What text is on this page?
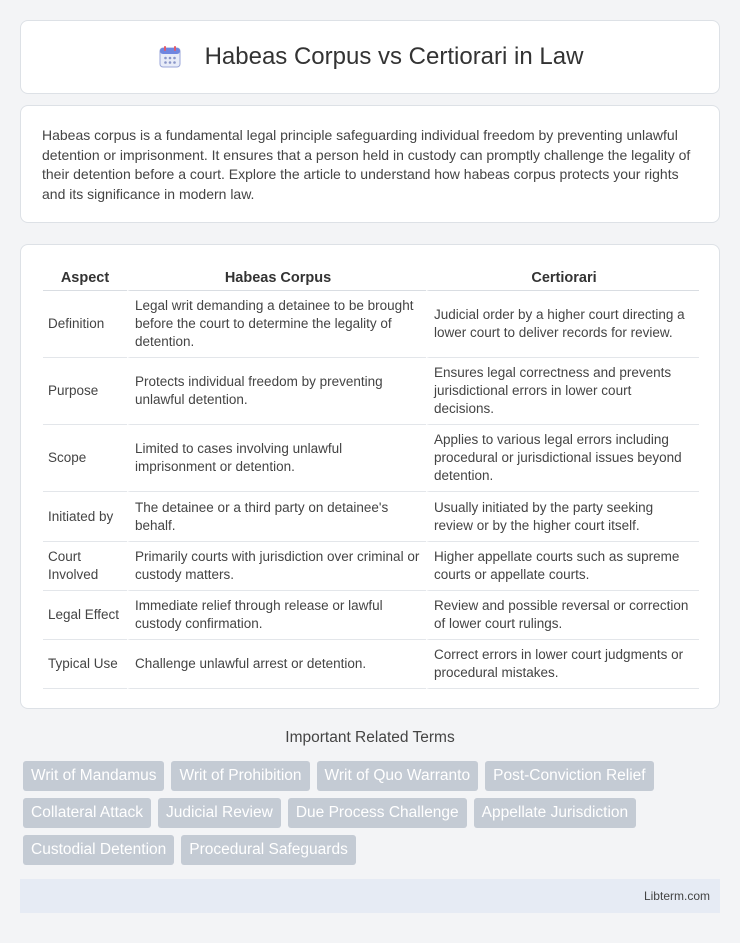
Habeas Corpus vs Certiorari in Law

Habeas corpus is a fundamental legal principle safeguarding individual freedom by preventing unlawful detention or imprisonment. It ensures that a person held in custody can promptly challenge the legality of their detention before a court. Explore the article to understand how habeas corpus protects your rights and its significance in modern law.

Aspect	Habeas Corpus	Certiorari
Definition	Legal writ demanding a detainee to be brought before the court to determine the legality of detention.	Judicial order by a higher court directing a lower court to deliver records for review.
Purpose	Protects individual freedom by preventing unlawful detention.	Ensures legal correctness and prevents jurisdictional errors in lower court decisions.
Scope	Limited to cases involving unlawful imprisonment or detention.	Applies to various legal errors including procedural or jurisdictional issues beyond detention.
Initiated by	The detainee or a third party on detainee's behalf.	Usually initiated by the party seeking review or by the higher court itself.
Court Involved	Primarily courts with jurisdiction over criminal or custody matters.	Higher appellate courts such as supreme courts or appellate courts.
Legal Effect	Immediate relief through release or lawful custody confirmation.	Review and possible reversal or correction of lower court rulings.
Typical Use	Challenge unlawful arrest or detention.	Correct errors in lower court judgments or procedural mistakes.
Important Related Terms
Writ of Mandamus	Writ of Prohibition	Writ of Quo Warranto	Post-Conviction Relief
Collateral Attack	Judicial Review	Due Process Challenge	Appellate Jurisdiction
Custodial Detention	Procedural Safeguards
Libterm.com
